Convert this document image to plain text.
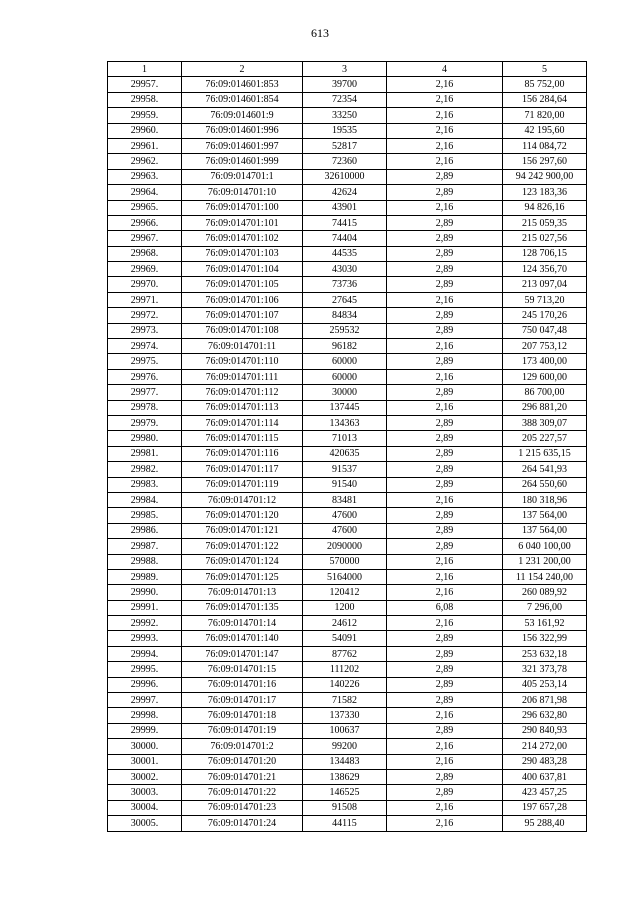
613
1	2	3	4	5
29957.	76:09:014601:853	39700	2,16	85 752,00
29958.	76:09:014601:854	72354	2,16	156 284,64
29959.	76:09:014601:9	33250	2,16	71 820,00
29960.	76:09:014601:996	19535	2,16	42 195,60
29961.	76:09:014601:997	52817	2,16	114 084,72
29962.	76:09:014601:999	72360	2,16	156 297,60
29963.	76:09:014701:1	32610000	2,89	94 242 900,00
29964.	76:09:014701:10	42624	2,89	123 183,36
29965.	76:09:014701:100	43901	2,16	94 826,16
29966.	76:09:014701:101	74415	2,89	215 059,35
29967.	76:09:014701:102	74404	2,89	215 027,56
29968.	76:09:014701:103	44535	2,89	128 706,15
29969.	76:09:014701:104	43030	2,89	124 356,70
29970.	76:09:014701:105	73736	2,89	213 097,04
29971.	76:09:014701:106	27645	2,16	59 713,20
29972.	76:09:014701:107	84834	2,89	245 170,26
29973.	76:09:014701:108	259532	2,89	750 047,48
29974.	76:09:014701:11	96182	2,16	207 753,12
29975.	76:09:014701:110	60000	2,89	173 400,00
29976.	76:09:014701:111	60000	2,16	129 600,00
29977.	76:09:014701:112	30000	2,89	86 700,00
29978.	76:09:014701:113	137445	2,16	296 881,20
29979.	76:09:014701:114	134363	2,89	388 309,07
29980.	76:09:014701:115	71013	2,89	205 227,57
29981.	76:09:014701:116	420635	2,89	1 215 635,15
29982.	76:09:014701:117	91537	2,89	264 541,93
29983.	76:09:014701:119	91540	2,89	264 550,60
29984.	76:09:014701:12	83481	2,16	180 318,96
29985.	76:09:014701:120	47600	2,89	137 564,00
29986.	76:09:014701:121	47600	2,89	137 564,00
29987.	76:09:014701:122	2090000	2,89	6 040 100,00
29988.	76:09:014701:124	570000	2,16	1 231 200,00
29989.	76:09:014701:125	5164000	2,16	11 154 240,00
29990.	76:09:014701:13	120412	2,16	260 089,92
29991.	76:09:014701:135	1200	6,08	7 296,00
29992.	76:09:014701:14	24612	2,16	53 161,92
29993.	76:09:014701:140	54091	2,89	156 322,99
29994.	76:09:014701:147	87762	2,89	253 632,18
29995.	76:09:014701:15	111202	2,89	321 373,78
29996.	76:09:014701:16	140226	2,89	405 253,14
29997.	76:09:014701:17	71582	2,89	206 871,98
29998.	76:09:014701:18	137330	2,16	296 632,80
29999.	76:09:014701:19	100637	2,89	290 840,93
30000.	76:09:014701:2	99200	2,16	214 272,00
30001.	76:09:014701:20	134483	2,16	290 483,28
30002.	76:09:014701:21	138629	2,89	400 637,81
30003.	76:09:014701:22	146525	2,89	423 457,25
30004.	76:09:014701:23	91508	2,16	197 657,28
30005.	76:09:014701:24	44115	2,16	95 288,40
